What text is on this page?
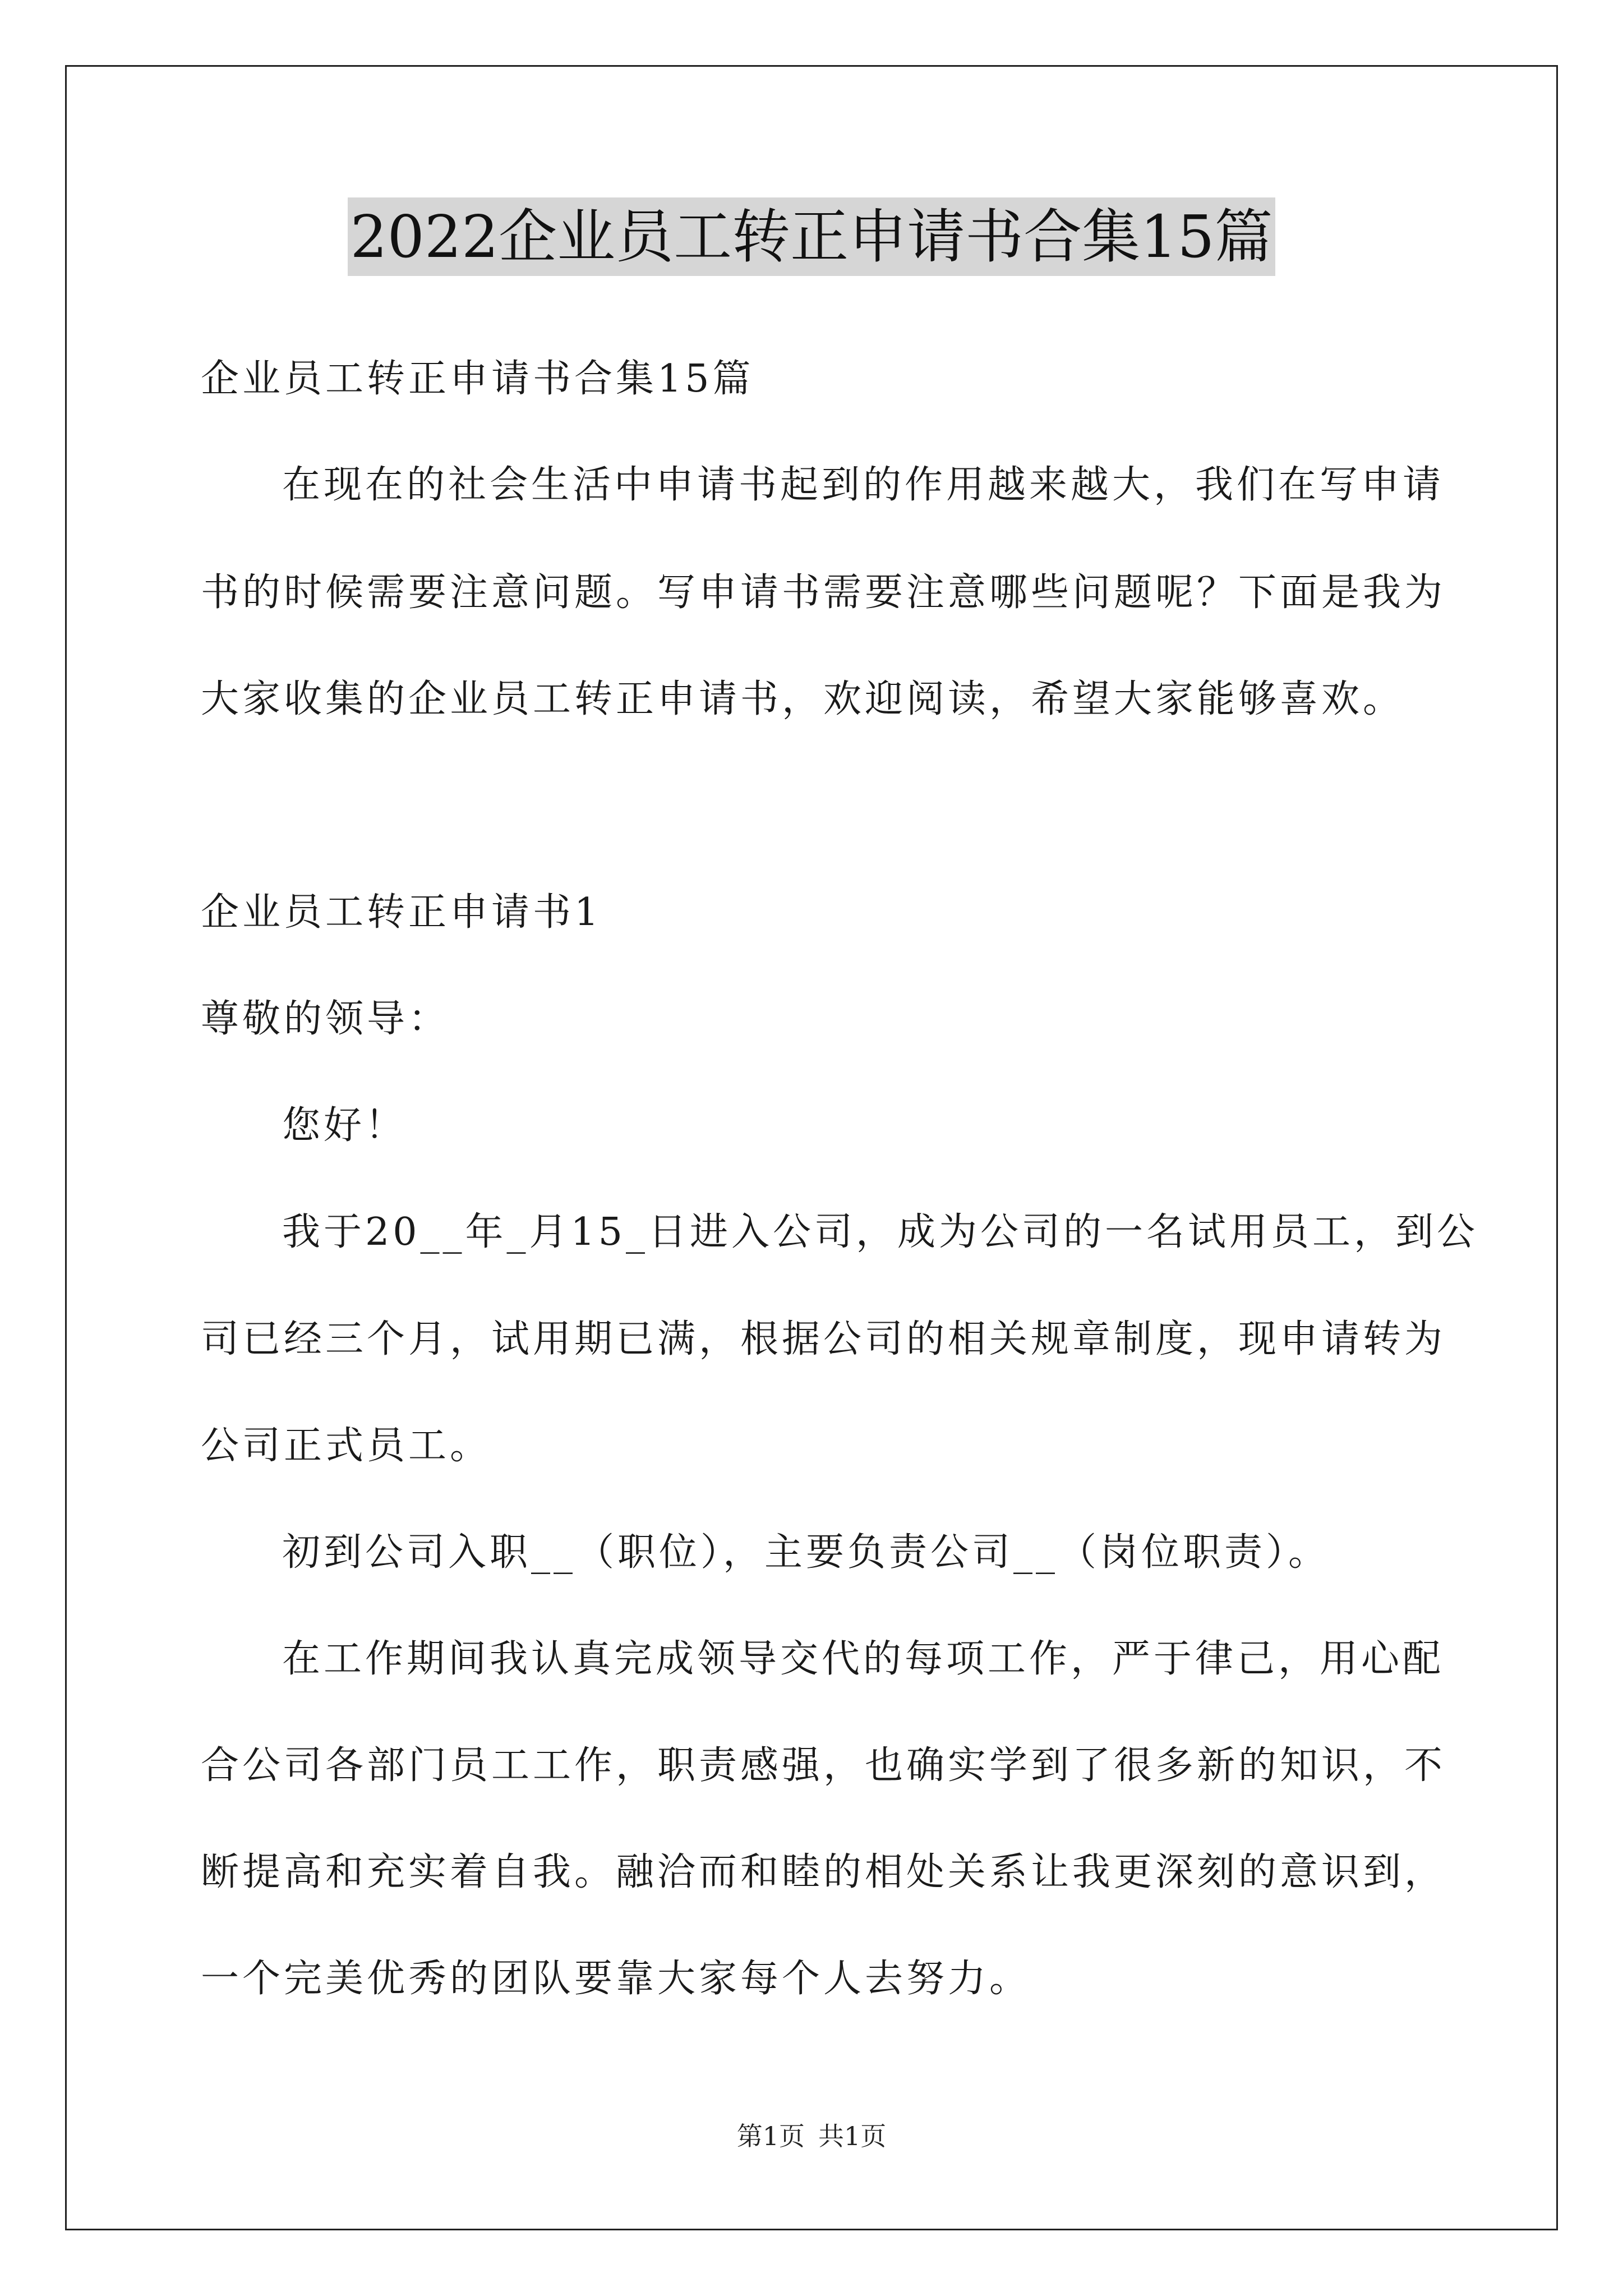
2022企业员工转正申请书合集15篇
企业员工转正申请书合集15篇
在现在的社会生活中申请书起到的作用越来越大，我们在写申请
书的时候需要注意问题。写申请书需要注意哪些问题呢？下面是我为
大家收集的企业员工转正申请书，欢迎阅读，希望大家能够喜欢。
企业员工转正申请书1
尊敬的领导：
您好！
我于20__年_月15_日进入公司，成为公司的一名试用员工，到公
司已经三个月，试用期已满，根据公司的相关规章制度，现申请转为
公司正式员工。
初到公司入职__（职位），主要负责公司__（岗位职责）。
在工作期间我认真完成领导交代的每项工作，严于律己，用心配
合公司各部门员工工作，职责感强，也确实学到了很多新的知识，不
断提高和充实着自我。融洽而和睦的相处关系让我更深刻的意识到，
一个完美优秀的团队要靠大家每个人去努力。
第1页 共1页
